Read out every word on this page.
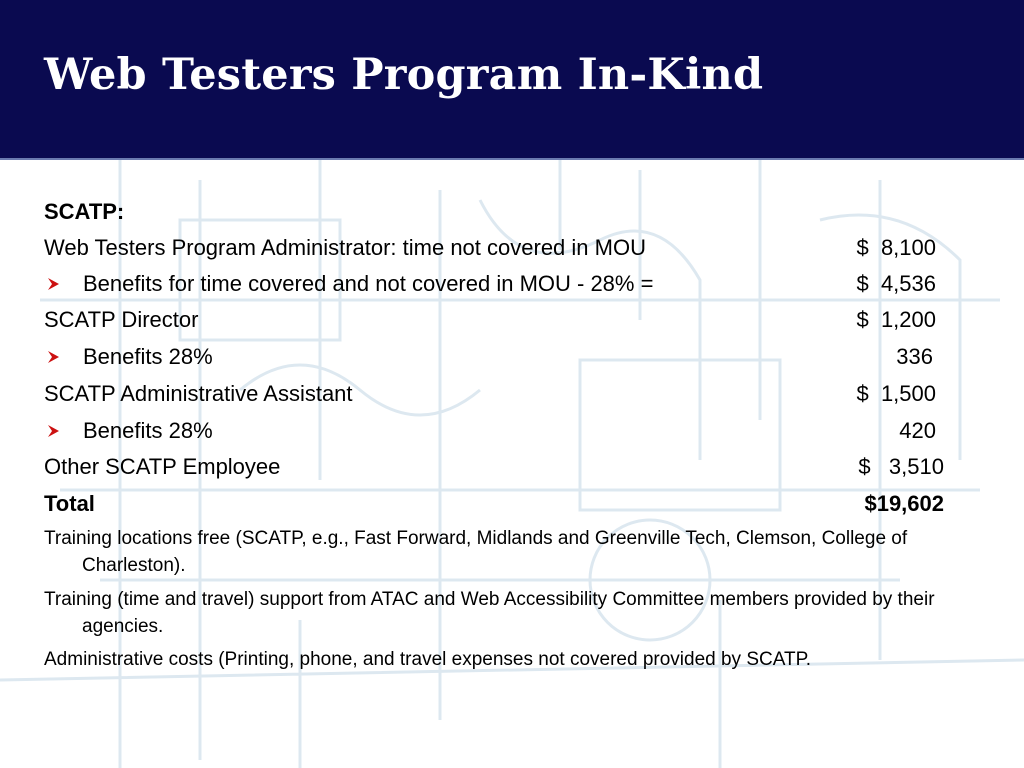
Web Testers Program In-Kind
SCATP:
Web Testers Program Administrator: time not covered in MOU	$  8,100
Benefits for time covered and not covered in MOU - 28% =	$  4,536
SCATP Director	$  1,200
Benefits 28%	336
SCATP Administrative Assistant	$  1,500
Benefits 28%	420
Other SCATP Employee	$   3,510
Total	$19,602
Training locations free (SCATP, e.g., Fast Forward, Midlands and Greenville Tech, Clemson, College of Charleston).
Training (time and travel) support from ATAC and Web Accessibility Committee members provided by their agencies.
Administrative costs (Printing, phone, and travel expenses not covered provided by SCATP.
